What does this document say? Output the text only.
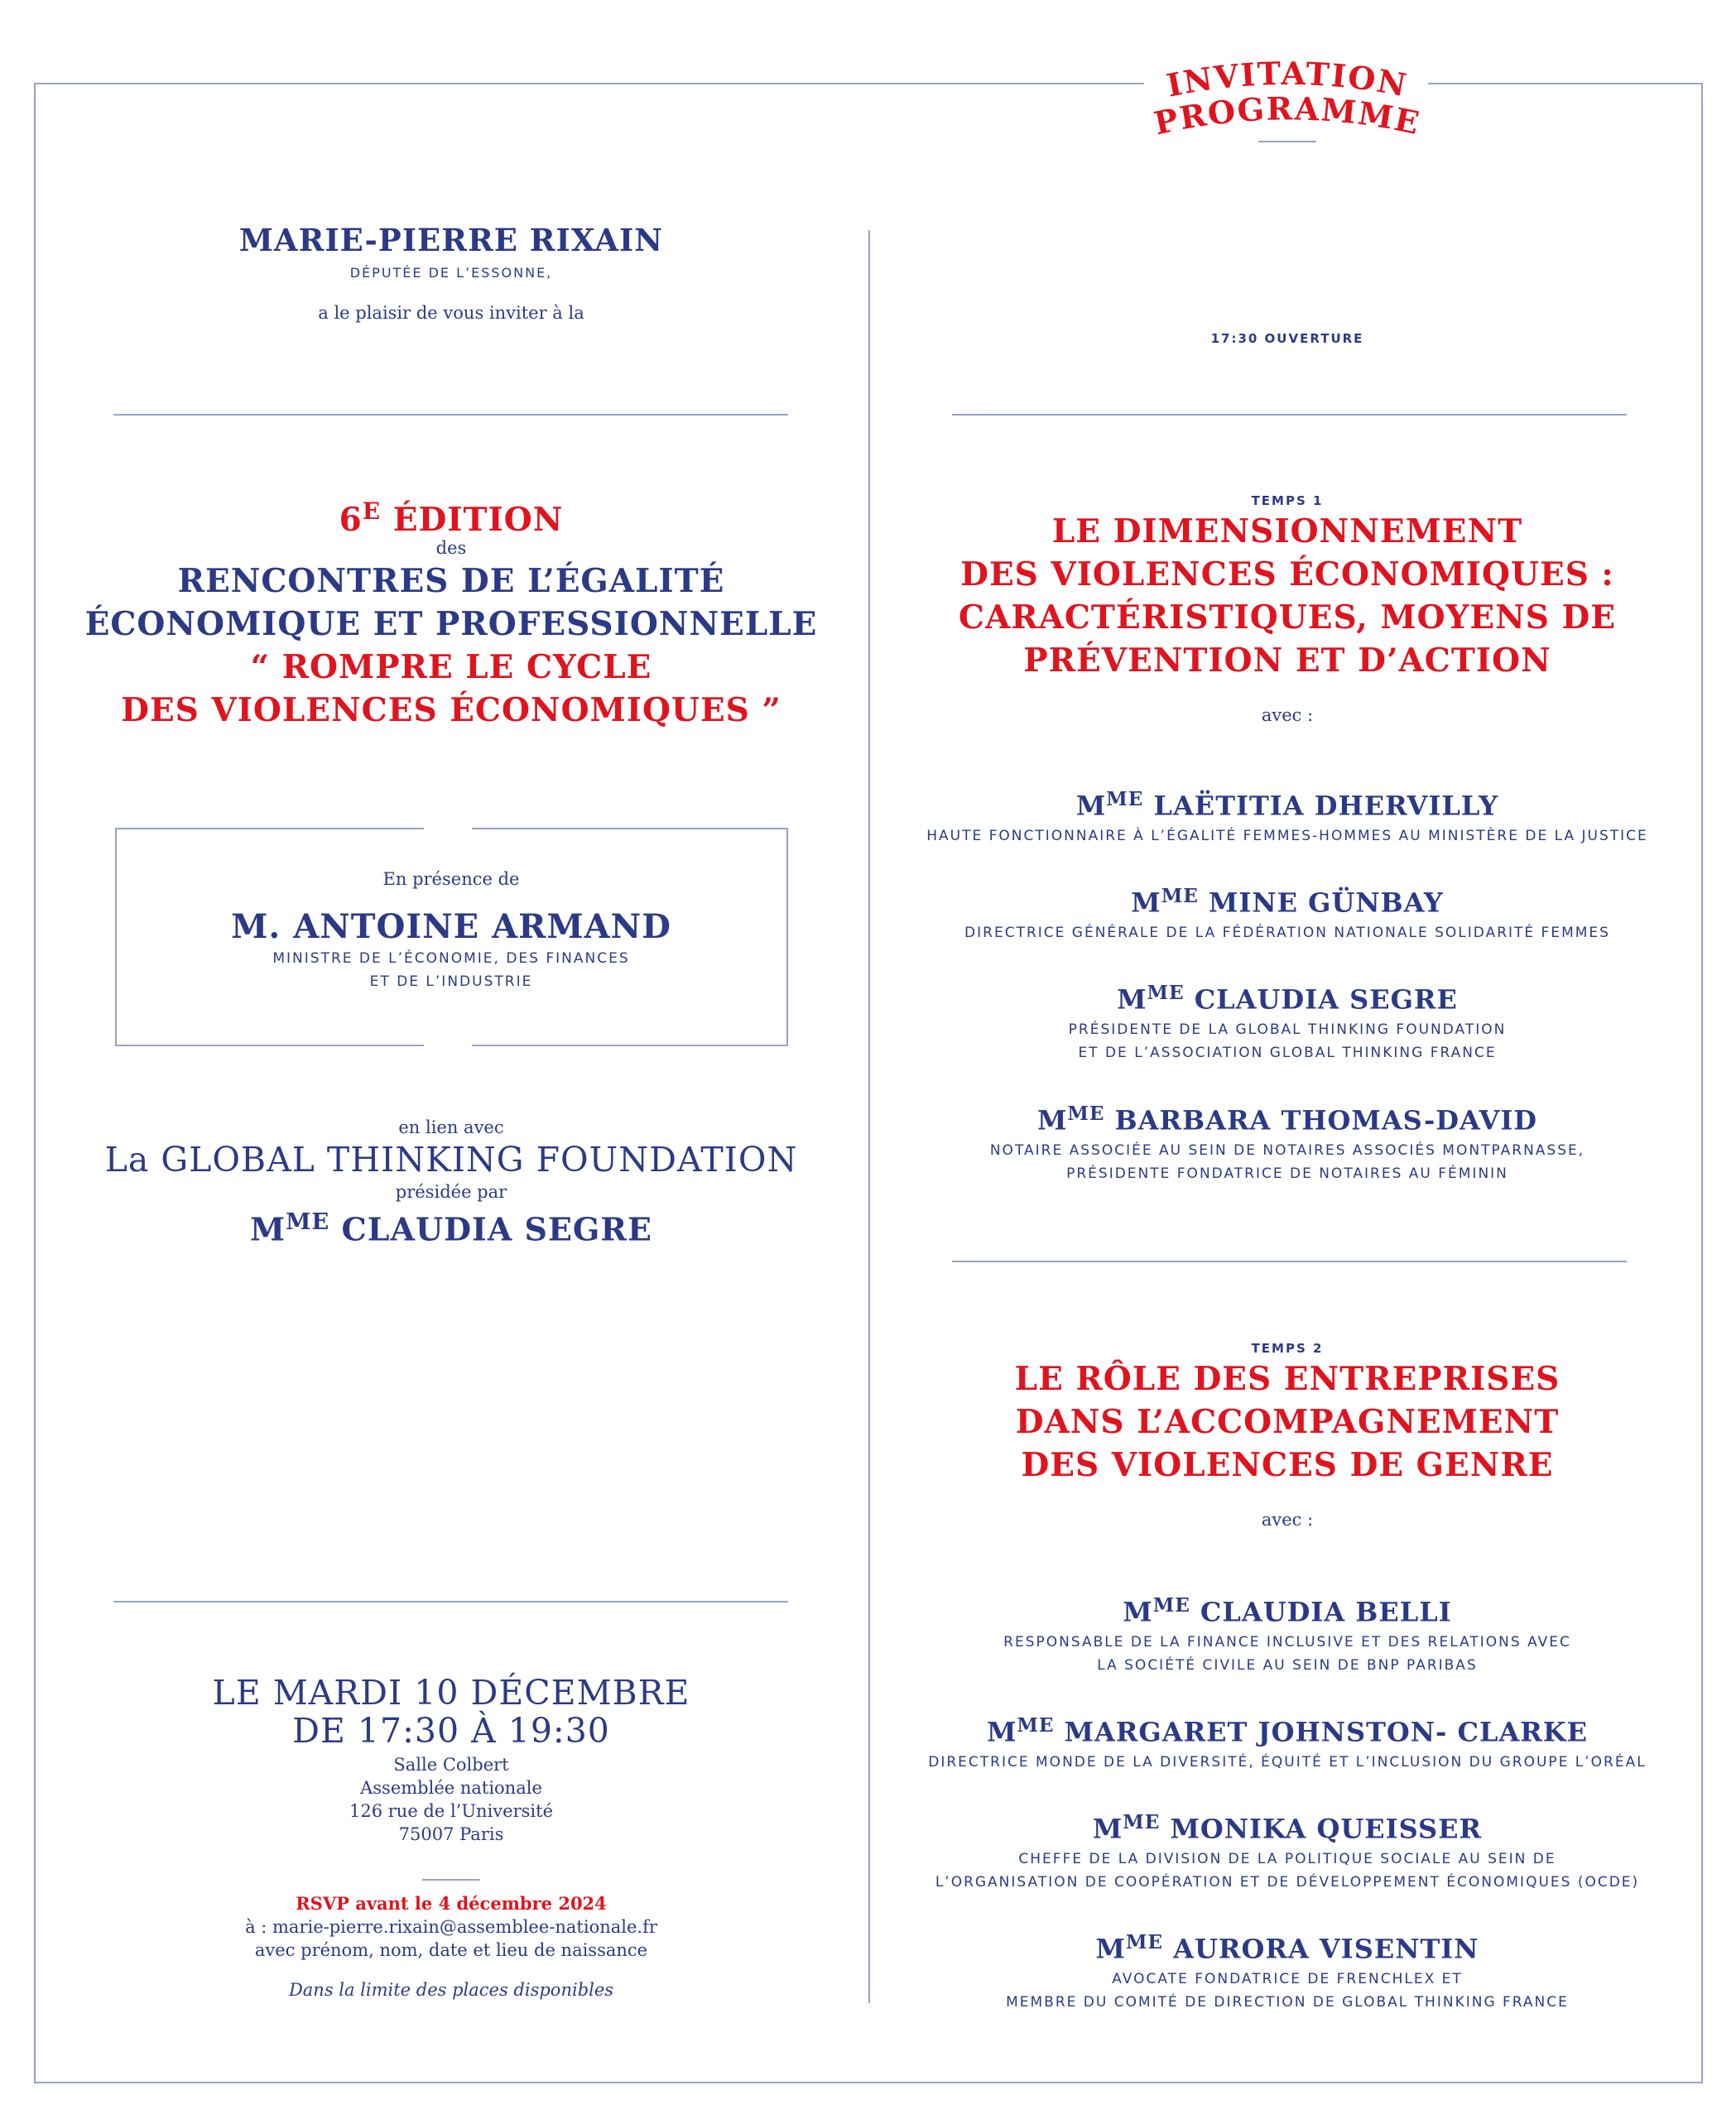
INVITATION
PROGRAMME
MARIE-PIERRE RIXAIN
DÉPUTÉE DE L’ESSONNE,
a le plaisir de vous inviter à la
$6^E$ ÉDITION
des
RENCONTRES DE L’ÉGALITÉ
ÉCONOMIQUE ET PROFESSIONNELLE
“ ROMPRE LE CYCLE
DES VIOLENCES ÉCONOMIQUES ”
En présence de
M. ANTOINE ARMAND
MINISTRE DE L’ÉCONOMIE, DES FINANCES
ET DE L’INDUSTRIE
en lien avec
La GLOBAL THINKING FOUNDATION
présidée par
$M^{ME}$ CLAUDIA SEGRE
LE MARDI 10 DÉCEMBRE
DE 17:30 À 19:30
Salle Colbert
Assemblée nationale
126 rue de l’Université
75007 Paris
RSVP avant le 4 décembre 2024
à : marie-pierre.rixain@assemblee-nationale.fr
avec prénom, nom, date et lieu de naissance
Dans la limite des places disponibles
17:30 OUVERTURE
TEMPS 1
LE DIMENSIONNEMENT
DES VIOLENCES ÉCONOMIQUES :
CARACTÉRISTIQUES, MOYENS DE
PRÉVENTION ET D’ACTION
avec :
$M^{ME}$ LAËTITIA DHERVILLY
HAUTE FONCTIONNAIRE À L’ÉGALITÉ FEMMES-HOMMES AU MINISTÈRE DE LA JUSTICE
$M^{ME}$ MINE GÜNBAY
DIRECTRICE GÉNÉRALE DE LA FÉDÉRATION NATIONALE SOLIDARITÉ FEMMES
$M^{ME}$ CLAUDIA SEGRE
PRÉSIDENTE DE LA GLOBAL THINKING FOUNDATION
ET DE L’ASSOCIATION GLOBAL THINKING FRANCE
$M^{ME}$ BARBARA THOMAS-DAVID
NOTAIRE ASSOCIÉE AU SEIN DE NOTAIRES ASSOCIÉS MONTPARNASSE,
PRÉSIDENTE FONDATRICE DE NOTAIRES AU FÉMININ
TEMPS 2
LE RÔLE DES ENTREPRISES
DANS L’ACCOMPAGNEMENT
DES VIOLENCES DE GENRE
avec :
$M^{ME}$ CLAUDIA BELLI
RESPONSABLE DE LA FINANCE INCLUSIVE ET DES RELATIONS AVEC
LA SOCIÉTÉ CIVILE AU SEIN DE BNP PARIBAS
$M^{ME}$ MARGARET JOHNSTON- CLARKE
DIRECTRICE MONDE DE LA DIVERSITÉ, ÉQUITÉ ET L’INCLUSION DU GROUPE L’ORÉAL
$M^{ME}$ MONIKA QUEISSER
CHEFFE DE LA DIVISION DE LA POLITIQUE SOCIALE AU SEIN DE
L’ORGANISATION DE COOPÉRATION ET DE DÉVELOPPEMENT ÉCONOMIQUES (OCDE)
$M^{ME}$ AURORA VISENTIN
AVOCATE FONDATRICE DE FRENCHLEX ET
MEMBRE DU COMITÉ DE DIRECTION DE GLOBAL THINKING FRANCE
